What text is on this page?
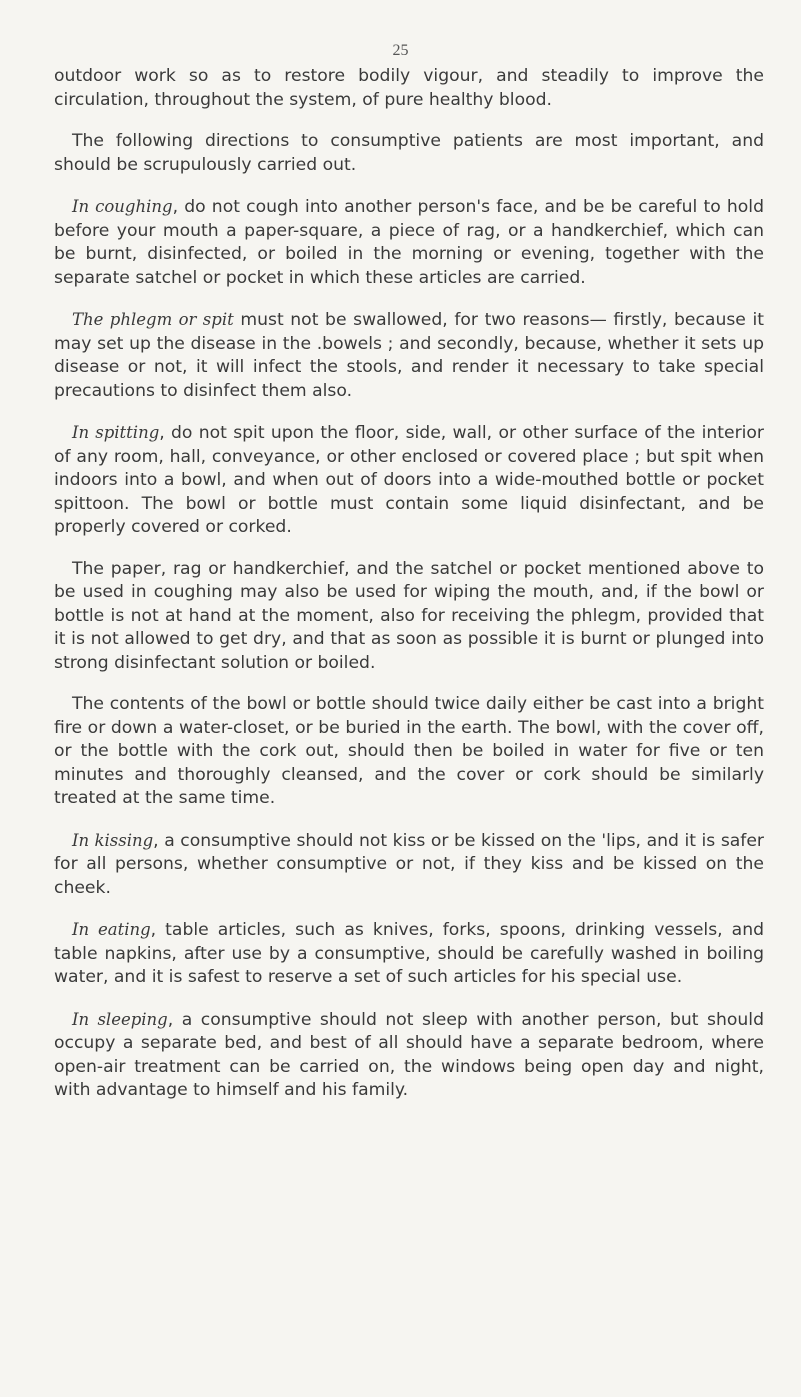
25

outdoor work so as to restore bodily vigour, and steadily to improve the circulation, throughout the system, of pure healthy blood.

The following directions to consumptive patients are most important, and should be scrupulously carried out.

In coughing, do not cough into another person's face, and be be careful to hold before your mouth a paper-square, a piece of rag, or a handkerchief, which can be burnt, disinfected, or boiled in the morning or evening, together with the separate satchel or pocket in which these articles are carried.

The phlegm or spit must not be swallowed, for two reasons— firstly, because it may set up the disease in the .bowels ; and secondly, because, whether it sets up disease or not, it will infect the stools, and render it necessary to take special precautions to disinfect them also.

In spitting, do not spit upon the floor, side, wall, or other surface of the interior of any room, hall, conveyance, or other enclosed or covered place ; but spit when indoors into a bowl, and when out of doors into a wide-mouthed bottle or pocket spittoon. The bowl or bottle must contain some liquid disinfectant, and be properly covered or corked.

The paper, rag or handkerchief, and the satchel or pocket mentioned above to be used in coughing may also be used for wiping the mouth, and, if the bowl or bottle is not at hand at the moment, also for receiving the phlegm, provided that it is not allowed to get dry, and that as soon as possible it is burnt or plunged into strong disinfectant solution or boiled.

The contents of the bowl or bottle should twice daily either be cast into a bright fire or down a water-closet, or be buried in the earth. The bowl, with the cover off, or the bottle with the cork out, should then be boiled in water for five or ten minutes and thoroughly cleansed, and the cover or cork should be similarly treated at the same time.

In kissing, a consumptive should not kiss or be kissed on the 'lips, and it is safer for all persons, whether consumptive or not, if they kiss and be kissed on the cheek.

In eating, table articles, such as knives, forks, spoons, drinking vessels, and table napkins, after use by a consumptive, should be carefully washed in boiling water, and it is safest to reserve a set of such articles for his special use.

In sleeping, a consumptive should not sleep with another person, but should occupy a separate bed, and best of all should have a separate bedroom, where open-air treatment can be carried on, the windows being open day and night, with advantage to himself and his family.
